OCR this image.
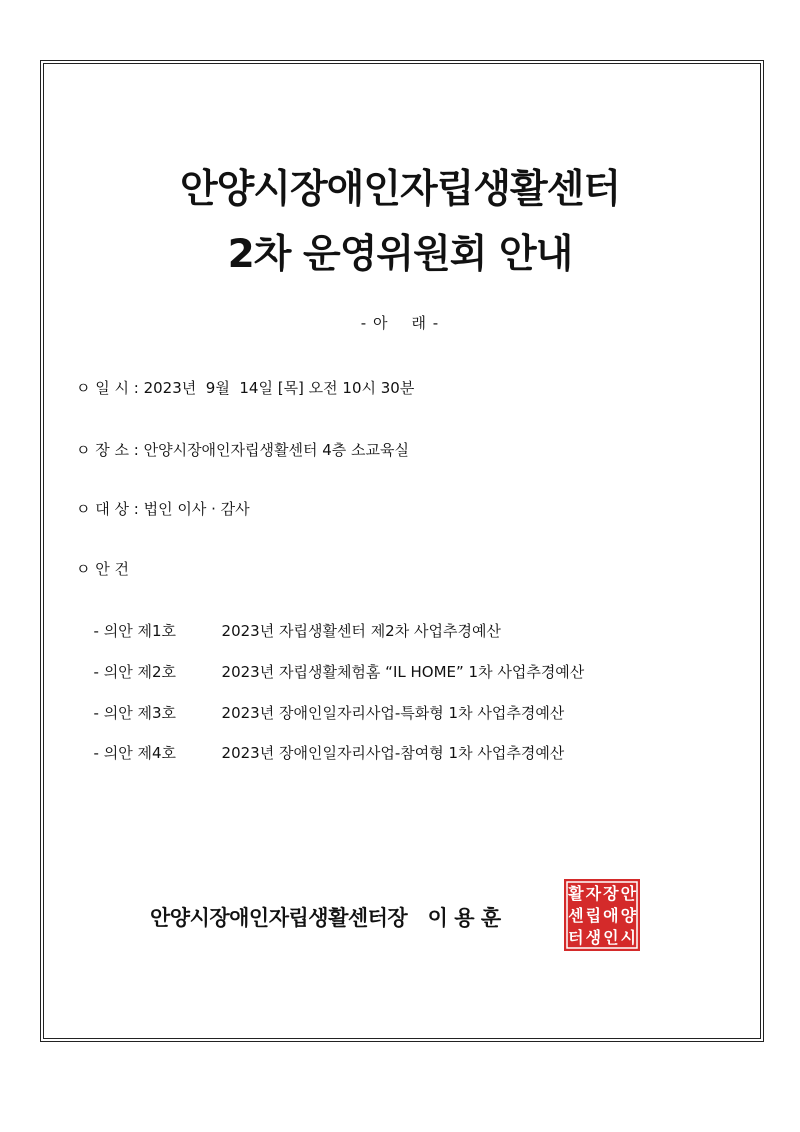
안양시장애인자립생활센터
2차 운영위원회 안내
- 아    래 -
ㅇ 일 시 : 2023년  9월  14일 [목] 오전 10시 30분
ㅇ 장 소 : 안양시장애인자립생활센터 4층 소교육실
ㅇ 대 상 : 법인 이사 · 감사
ㅇ 안 건

- 의안 제1호	2023년 자립생활센터 제2차 사업추경예산

- 의안 제2호	2023년 자립생활체험홈 “IL HOME” 1차 사업추경예산

- 의안 제3호	2023년 장애인일자리사업-특화형 1차 사업추경예산

- 의안 제4호	2023년 장애인일자리사업-참여형 1차 사업추경예산

안양시장애인자립생활센터장   이 용 훈
안
양
시
장
애
인
자
립
생
활
센
터
